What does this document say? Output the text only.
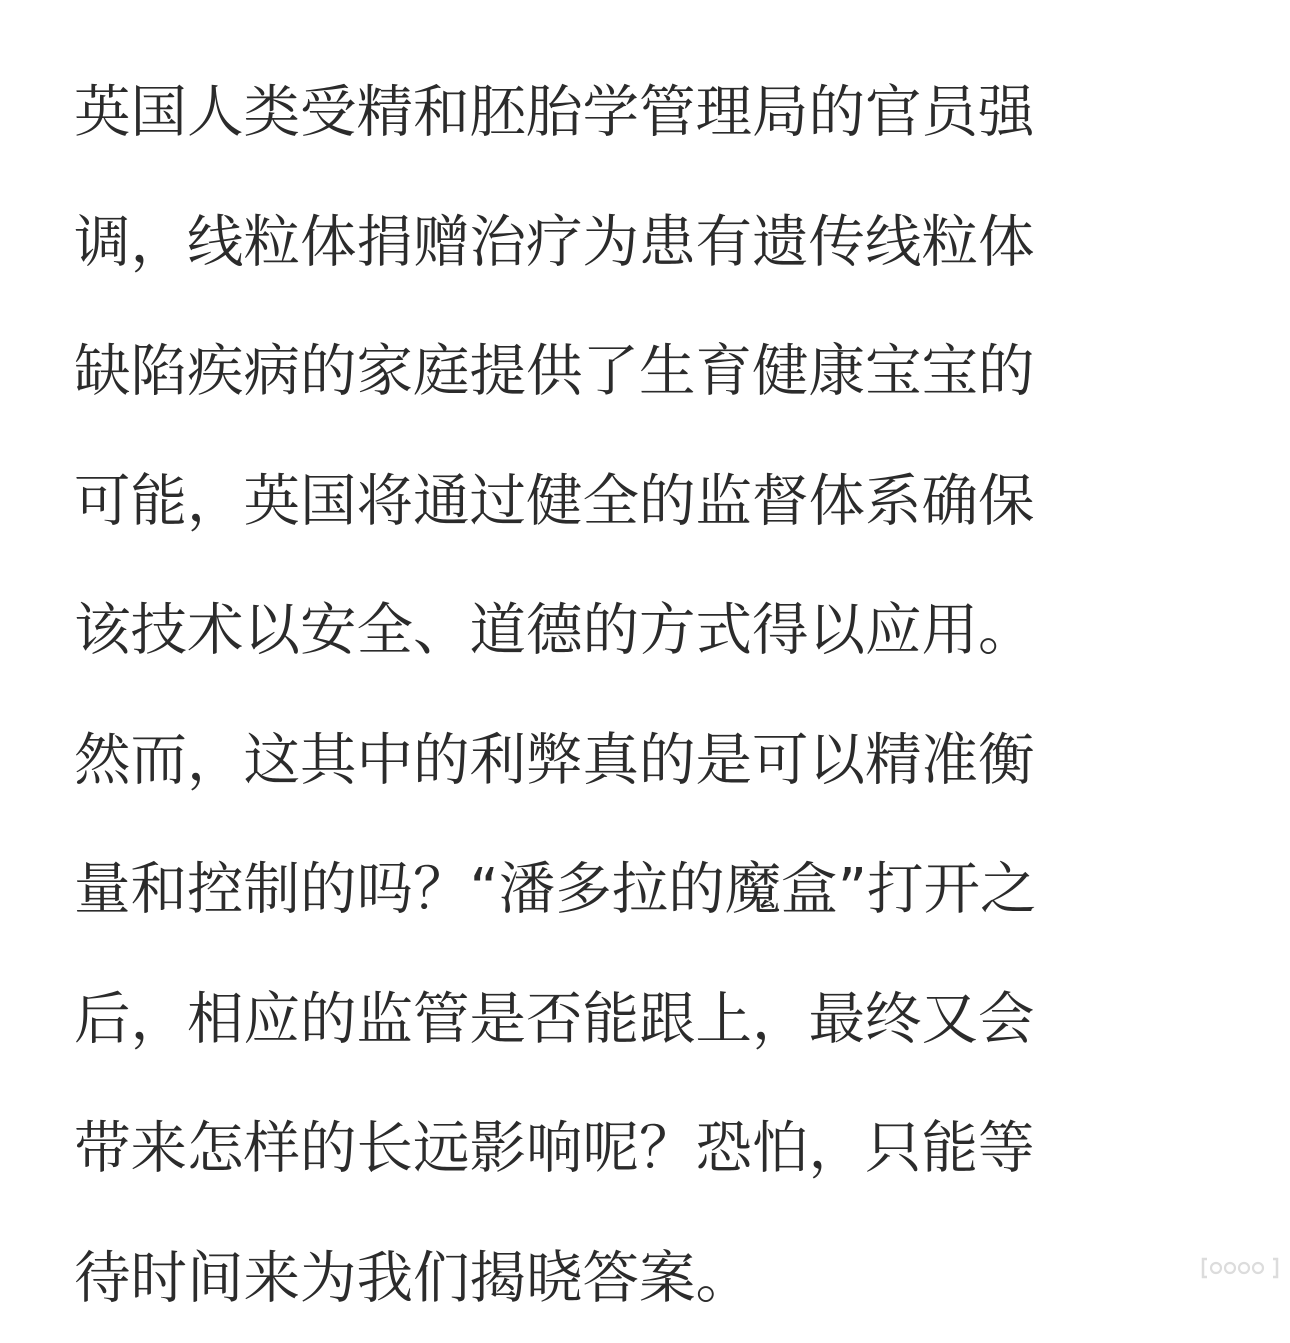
英国人类受精和胚胎学管理局的官员强
调，线粒体捐赠治疗为患有遗传线粒体
缺陷疾病的家庭提供了生育健康宝宝的
可能，英国将通过健全的监督体系确保
该技术以安全、道德的方式得以应用。

然而，这其中的利弊真的是可以精准衡
量和控制的吗？“潘多拉的魔盒”打开之
后，相应的监管是否能跟上，最终又会
带来怎样的长远影响呢？恐怕，只能等
待时间来为我们揭晓答案。
